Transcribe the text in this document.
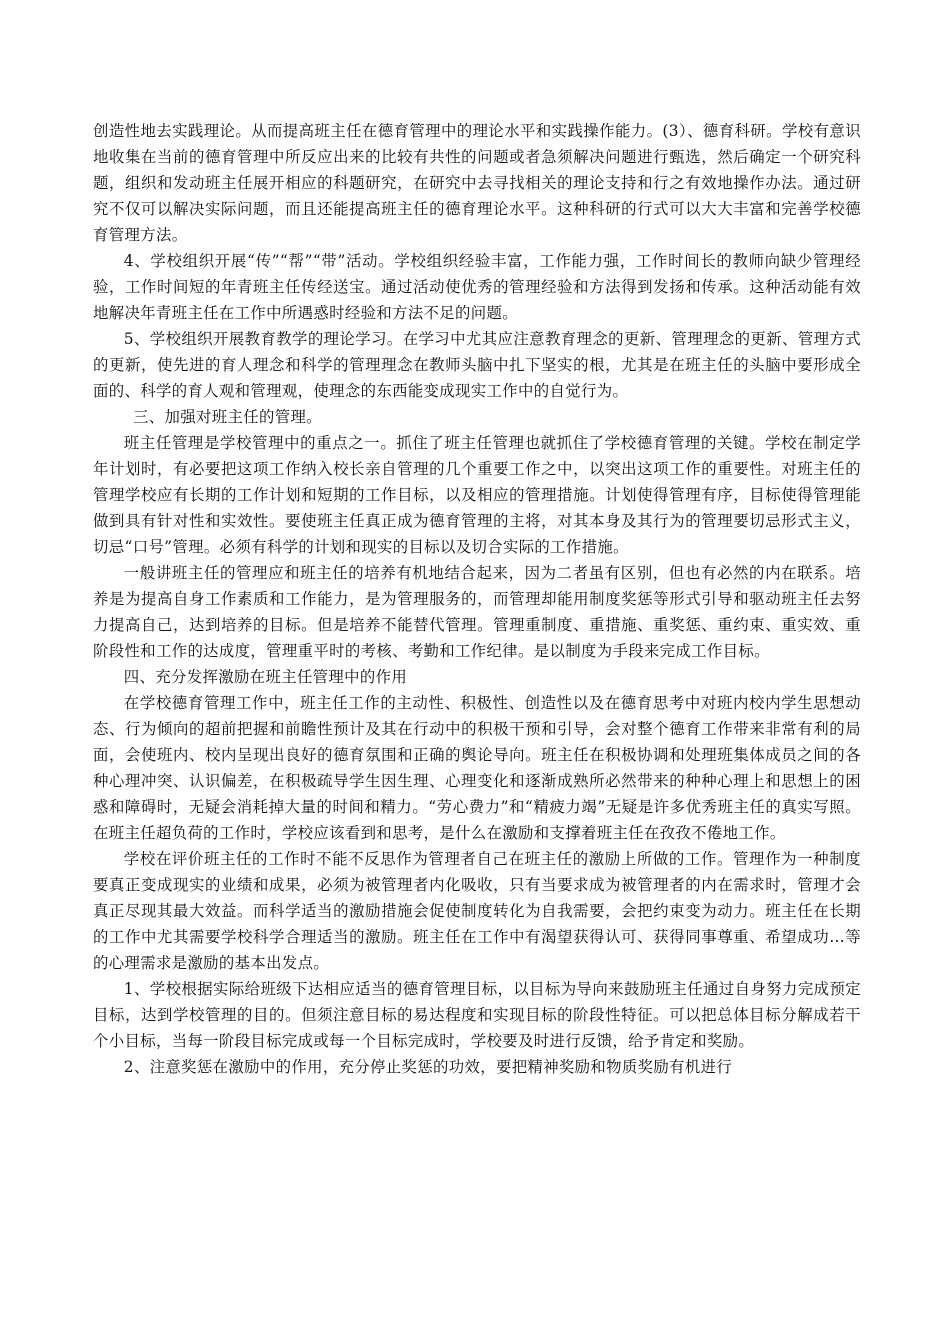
创造性地去实践理论。从而提高班主任在德育管理中的理论水平和实践操作能力。(3）、德育科研。学校有意识地收集在当前的德育管理中所反应出来的比较有共性的问题或者急须解决问题进行甄选，然后确定一个研究科题，组织和发动班主任展开相应的科题研究，在研究中去寻找相关的理论支持和行之有效地操作办法。通过研究不仅可以解决实际问题，而且还能提高班主任的德育理论水平。这种科研的行式可以大大丰富和完善学校德育管理方法。

4、学校组织开展“传”“帮”“带”活动。学校组织经验丰富，工作能力强，工作时间长的教师向缺少管理经验，工作时间短的年青班主任传经送宝。通过活动使优秀的管理经验和方法得到发扬和传承。这种活动能有效地解决年青班主任在工作中所遇惑时经验和方法不足的问题。

5、学校组织开展教育教学的理论学习。在学习中尤其应注意教育理念的更新、管理理念的更新、管理方式的更新，使先进的育人理念和科学的管理理念在教师头脑中扎下坚实的根，尤其是在班主任的头脑中要形成全面的、科学的育人观和管理观，使理念的东西能变成现实工作中的自觉行为。

三、加强对班主任的管理。

班主任管理是学校管理中的重点之一。抓住了班主任管理也就抓住了学校德育管理的关键。学校在制定学年计划时，有必要把这项工作纳入校长亲自管理的几个重要工作之中，以突出这项工作的重要性。对班主任的管理学校应有长期的工作计划和短期的工作目标，以及相应的管理措施。计划使得管理有序，目标使得管理能做到具有针对性和实效性。要使班主任真正成为德育管理的主将，对其本身及其行为的管理要切忌形式主义，切忌“口号”管理。必须有科学的计划和现实的目标以及切合实际的工作措施。

一般讲班主任的管理应和班主任的培养有机地结合起来，因为二者虽有区别，但也有必然的内在联系。培养是为提高自身工作素质和工作能力，是为管理服务的，而管理却能用制度奖惩等形式引导和驱动班主任去努力提高自己，达到培养的目标。但是培养不能替代管理。管理重制度、重措施、重奖惩、重约束、重实效、重阶段性和工作的达成度，管理重平时的考核、考勤和工作纪律。是以制度为手段来完成工作目标。

四、充分发挥激励在班主任管理中的作用

在学校德育管理工作中，班主任工作的主动性、积极性、创造性以及在德育思考中对班内校内学生思想动态、行为倾向的超前把握和前瞻性预计及其在行动中的积极干预和引导，会对整个德育工作带来非常有利的局面，会使班内、校内呈现出良好的德育氛围和正确的舆论导向。班主任在积极协调和处理班集体成员之间的各种心理冲突、认识偏差，在积极疏导学生因生理、心理变化和逐渐成熟所必然带来的种种心理上和思想上的困惑和障碍时，无疑会消耗掉大量的时间和精力。“劳心费力”和“精疲力竭”无疑是许多优秀班主任的真实写照。在班主任超负荷的工作时，学校应该看到和思考，是什么在激励和支撑着班主任在孜孜不倦地工作。

学校在评价班主任的工作时不能不反思作为管理者自己在班主任的激励上所做的工作。管理作为一种制度要真正变成现实的业绩和成果，必须为被管理者内化吸收，只有当要求成为被管理者的内在需求时，管理才会真正尽现其最大效益。而科学适当的激励措施会促使制度转化为自我需要，会把约束变为动力。班主任在长期的工作中尤其需要学校科学合理适当的激励。班主任在工作中有渴望获得认可、获得同事尊重、希望成功…等的心理需求是激励的基本出发点。

1、学校根据实际给班级下达相应适当的德育管理目标，以目标为导向来鼓励班主任通过自身努力完成预定目标，达到学校管理的目的。但须注意目标的易达程度和实现目标的阶段性特征。可以把总体目标分解成若干个小目标，当每一阶段目标完成或每一个目标完成时，学校要及时进行反馈，给予肯定和奖励。

2、注意奖惩在激励中的作用，充分停止奖惩的功效，要把精神奖励和物质奖励有机进行
